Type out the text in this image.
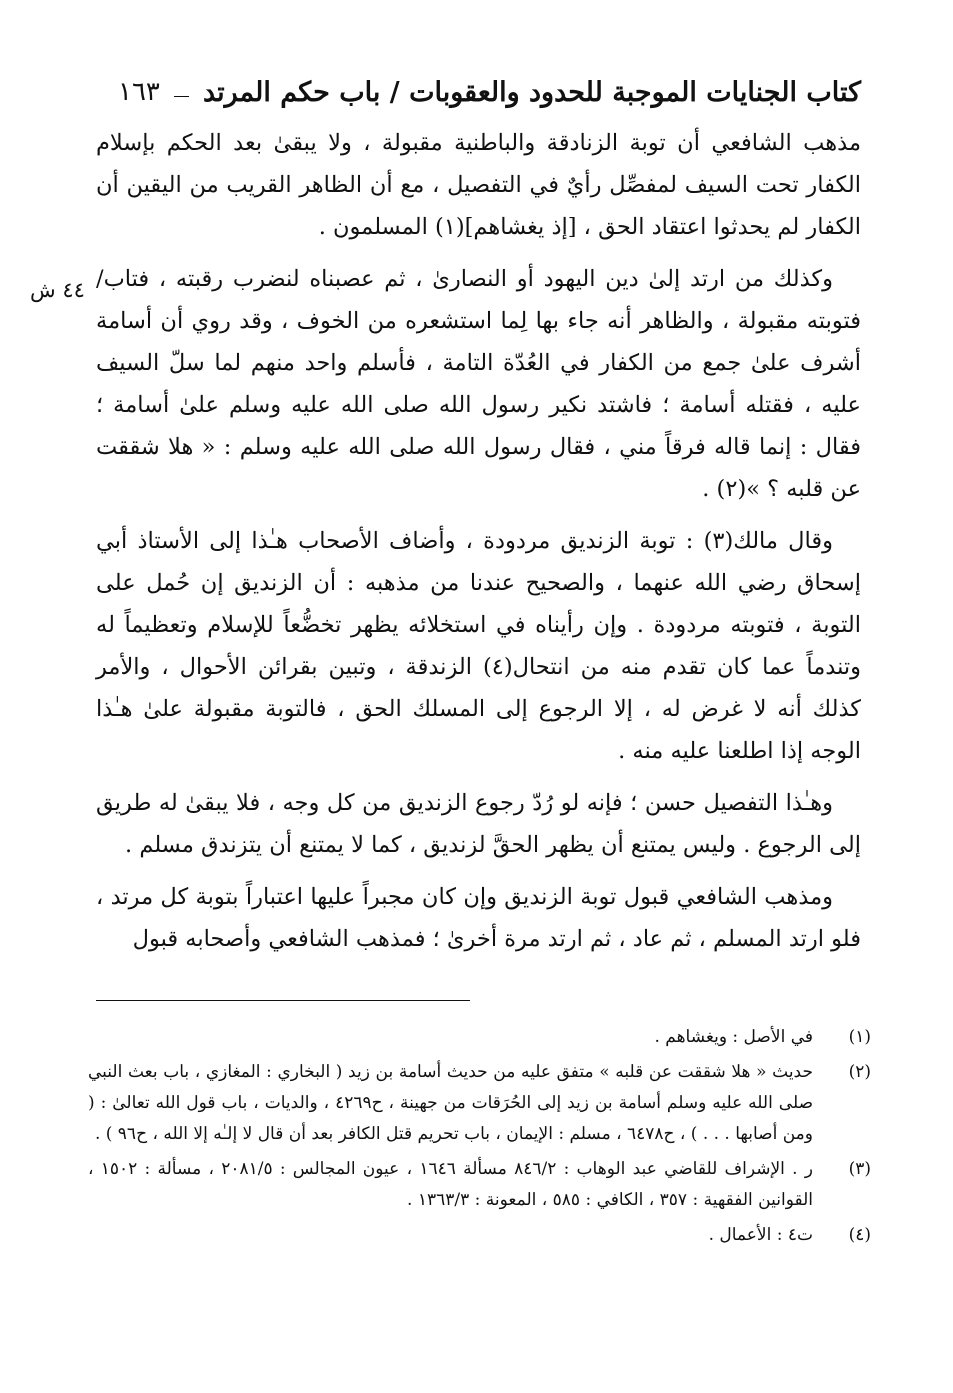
كتاب الجنايات الموجبة للحدود والعقوبات / باب حكم المرتد
١٦٣
٤٤ ش

مذهب الشافعي أن توبة الزنادقة والباطنية مقبولة ، ولا يبقىٰ بعد الحكم بإسلام الكفار تحت السيف لمفصِّل رأيٌ في التفصيل ، مع أن الظاهر القريب من اليقين أن الكفار لم يحدثوا اعتقاد الحق ، [إذ يغشاهم](١) المسلمون .

وكذلك من ارتد إلىٰ دين اليهود أو النصارىٰ ، ثم عصبناه لنضرب رقبته ، فتاب/ فتوبته مقبولة ، والظاهر أنه جاء بها لِما استشعره من الخوف ، وقد روي أن أسامة أشرف علىٰ جمع من الكفار في العُدّة التامة ، فأسلم واحد منهم لما سلّ السيف عليه ، فقتله أسامة ؛ فاشتد نكير رسول الله صلى الله عليه وسلم علىٰ أسامة ؛ فقال : إنما قاله فرقاً مني ، فقال رسول الله صلى الله عليه وسلم : « هلا شققت عن قلبه ؟ »(٢) .

وقال مالك(٣) : توبة الزنديق مردودة ، وأضاف الأصحاب هـٰذا إلى الأستاذ أبي إسحاق رضي الله عنهما ، والصحيح عندنا من مذهبه : أن الزنديق إن حُمل على التوبة ، فتوبته مردودة . وإن رأيناه في استخلائه يظهر تخضُّعاً للإسلام وتعظيماً له وتندماً عما كان تقدم منه من انتحال(٤) الزندقة ، وتبين بقرائن الأحوال ، والأمر كذلك أنه لا غرض له ، إلا الرجوع إلى المسلك الحق ، فالتوبة مقبولة علىٰ هـٰذا الوجه إذا اطلعنا عليه منه .

وهـٰذا التفصيل حسن ؛ فإنه لو رُدّ رجوع الزنديق من كل وجه ، فلا يبقىٰ له طريق إلى الرجوع . وليس يمتنع أن يظهر الحقَّ لزنديق ، كما لا يمتنع أن يتزندق مسلم .

ومذهب الشافعي قبول توبة الزنديق وإن كان مجبراً عليها اعتباراً بتوبة كل مرتد ، فلو ارتد المسلم ، ثم عاد ، ثم ارتد مرة أخرىٰ ؛ فمذهب الشافعي وأصحابه قبول

(١)
في الأصل : ويغشاهم .
(٢)
حديث « هلا شققت عن قلبه » متفق عليه من حديث أسامة بن زيد ( البخاري : المغازي ، باب بعث النبي صلى الله عليه وسلم أسامة بن زيد إلى الحُرَقات من جهينة ، ح٤٢٦٩ ، والديات ، باب قول الله تعالىٰ : ( ومن أصابها . . . ) ، ح٦٤٧٨ ، مسلم : الإيمان ، باب تحريم قتل الكافر بعد أن قال لا إلـٰه إلا الله ، ح٩٦ ) .
(٣)
ر . الإشراف للقاضي عبد الوهاب : ٨٤٦/٢ مسألة ١٦٤٦ ، عيون المجالس : ٢٠٨١/٥ ، مسألة : ١٥٠٢ ، القوانين الفقهية : ٣٥٧ ، الكافي : ٥٨٥ ، المعونة : ١٣٦٣/٣ .
(٤)
ت٤ : الأعمال .
